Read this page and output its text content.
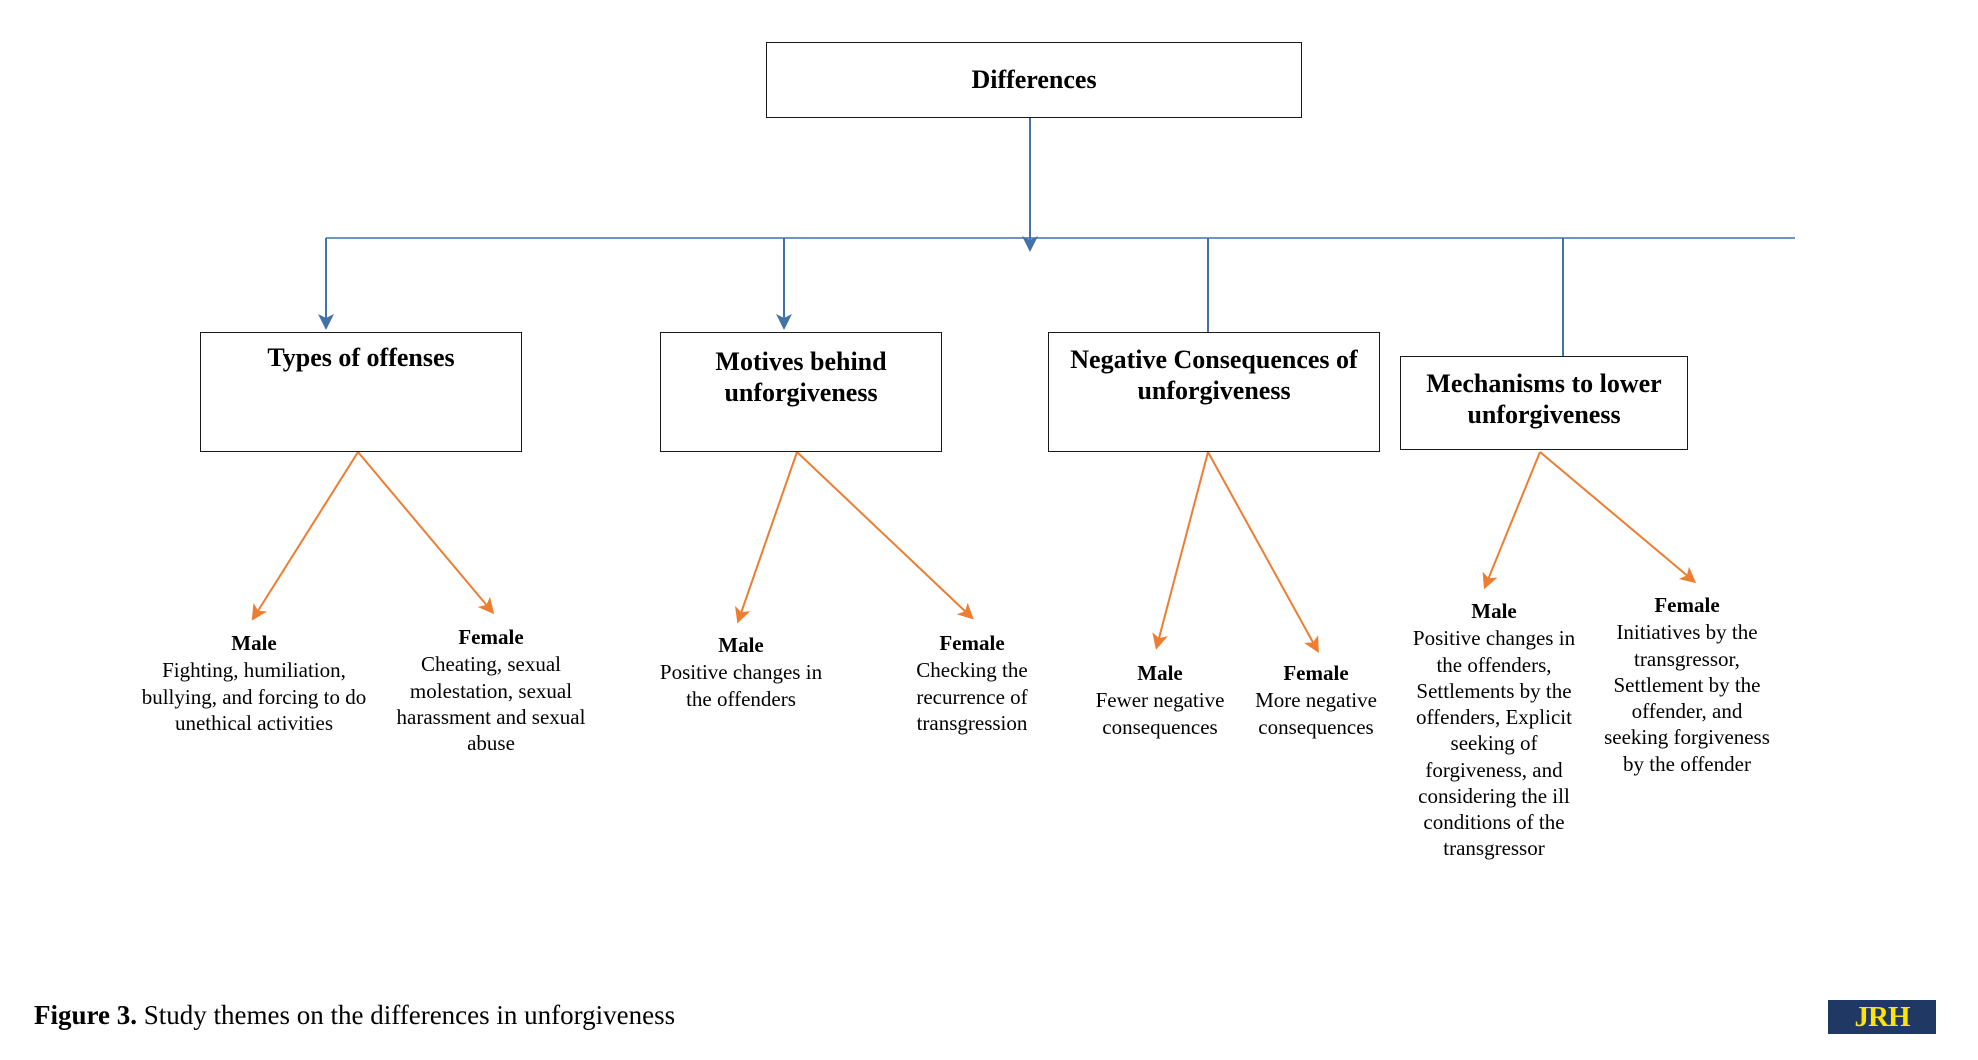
Differences
Types of offenses	Motives behind unforgiveness
Negative Consequences of unforgiveness	Mechanisms to lower unforgiveness
Male
Fighting, humiliation, bullying, and forcing to do unethical activities
Female
Cheating, sexual molestation, sexual harassment and sexual abuse
Male
Positive changes in the offenders
Female
Checking the recurrence of transgression
Male
Fewer negative consequences
Female
More negative consequences
Male
Positive changes in the offenders, Settlements by the offenders, Explicit seeking of forgiveness, and considering the ill conditions of the transgressor
Female
Initiatives by the transgressor, Settlement by the offender, and seeking forgiveness by the offender
Figure 3. Study themes on the differences in unforgiveness	JRH
